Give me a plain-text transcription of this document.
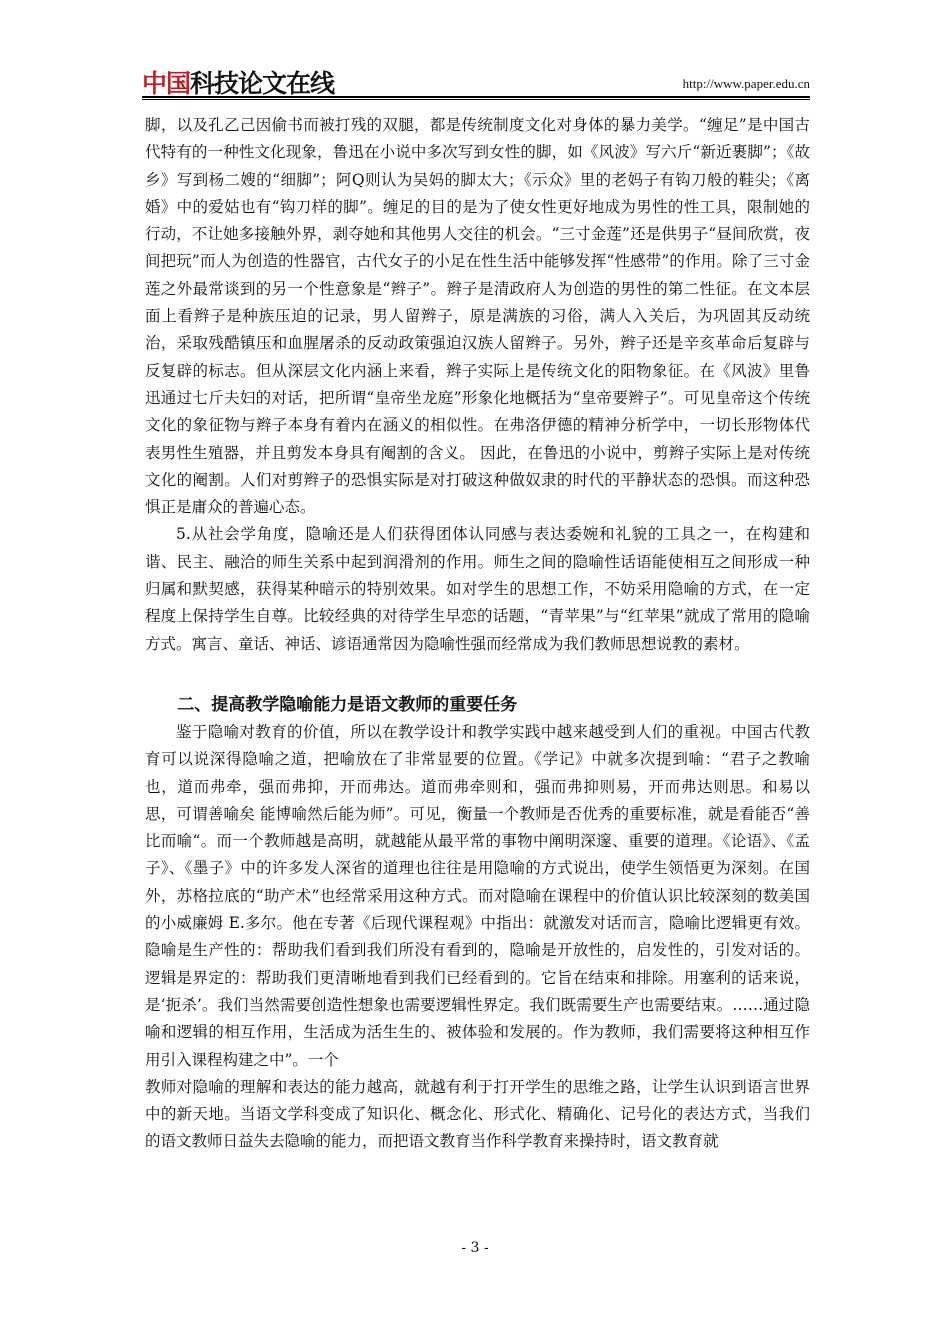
中国科技论文在线	http://www.paper.edu.cn

脚，以及孔乙己因偷书而被打残的双腿，都是传统制度文化对身体的暴力美学。“缠足”是中国古代特有的一种性文化现象，鲁迅在小说中多次写到女性的脚，如《风波》写六斤“新近裹脚”；《故乡》写到杨二嫂的“细脚”；阿Q则认为吴妈的脚太大；《示众》里的老妈子有钩刀般的鞋尖；《离婚》中的爱姑也有“钩刀样的脚”。缠足的目的是为了使女性更好地成为男性的性工具，限制她的行动，不让她多接触外界，剥夺她和其他男人交往的机会。“三寸金莲”还是供男子“昼间欣赏，夜间把玩”而人为创造的性器官，古代女子的小足在性生活中能够发挥“性感带”的作用。除了三寸金莲之外最常谈到的另一个性意象是“辫子”。辫子是清政府人为创造的男性的第二性征。在文本层面上看辫子是种族压迫的记录，男人留辫子，原是满族的习俗，满人入关后，为巩固其反动统治，采取残酷镇压和血腥屠杀的反动政策强迫汉族人留辫子。另外，辫子还是辛亥革命后复辟与反复辟的标志。但从深层文化内涵上来看，辫子实际上是传统文化的阳物象征。在《风波》里鲁迅通过七斤夫妇的对话，把所谓“皇帝坐龙庭”形象化地概括为“皇帝要辫子”。可见皇帝这个传统文化的象征物与辫子本身有着内在涵义的相似性。在弗洛伊德的精神分析学中，一切长形物体代表男性生殖器，并且剪发本身具有阉割的含义。 因此，在鲁迅的小说中，剪辫子实际上是对传统文化的阉割。人们对剪辫子的恐惧实际是对打破这种做奴隶的时代的平静状态的恐惧。而这种恐惧正是庸众的普遍心态。

5.从社会学角度，隐喻还是人们获得团体认同感与表达委婉和礼貌的工具之一，在构建和谐、民主、融洽的师生关系中起到润滑剂的作用。师生之间的隐喻性话语能使相互之间形成一种归属和默契感，获得某种暗示的特别效果。如对学生的思想工作，不妨采用隐喻的方式，在一定程度上保持学生自尊。比较经典的对待学生早恋的话题，“青苹果”与“红苹果”就成了常用的隐喻方式。寓言、童话、神话、谚语通常因为隐喻性强而经常成为我们教师思想说教的素材。

二、提高教学隐喻能力是语文教师的重要任务

鉴于隐喻对教育的价值，所以在教学设计和教学实践中越来越受到人们的重视。中国古代教育可以说深得隐喻之道，把喻放在了非常显要的位置。《学记》中就多次提到喻：“君子之教喻也，道而弗牵，强而弗抑，开而弗达。道而弗牵则和，强而弗抑则易，开而弗达则思。和易以思，可谓善喻矣 能博喻然后能为师”。可见，衡量一个教师是否优秀的重要标准，就是看能否“善比而喻“。而一个教师越是高明，就越能从最平常的事物中阐明深邃、重要的道理。《论语》、《孟子》、《墨子》中的许多发人深省的道理也往往是用隐喻的方式说出，使学生领悟更为深刻。在国外，苏格拉底的“助产术”也经常采用这种方式。而对隐喻在课程中的价值认识比较深刻的数美国的小威廉姆 E.多尔。他在专著《后现代课程观》中指出：就激发对话而言，隐喻比逻辑更有效。隐喻是生产性的：帮助我们看到我们所没有看到的，隐喻是开放性的，启发性的，引发对话的。逻辑是界定的：帮助我们更清晰地看到我们已经看到的。它旨在结束和排除。用塞利的话来说，是‘扼杀’。我们当然需要创造性想象也需要逻辑性界定。我们既需要生产也需要结束。……通过隐喻和逻辑的相互作用，生活成为活生生的、被体验和发展的。作为教师，我们需要将这种相互作用引入课程构建之中”。一个

教师对隐喻的理解和表达的能力越高，就越有利于打开学生的思维之路，让学生认识到语言世界中的新天地。当语文学科变成了知识化、概念化、形式化、精确化、记号化的表达方式，当我们的语文教师日益失去隐喻的能力，而把语文教育当作科学教育来操持时，语文教育就

- 3 -
